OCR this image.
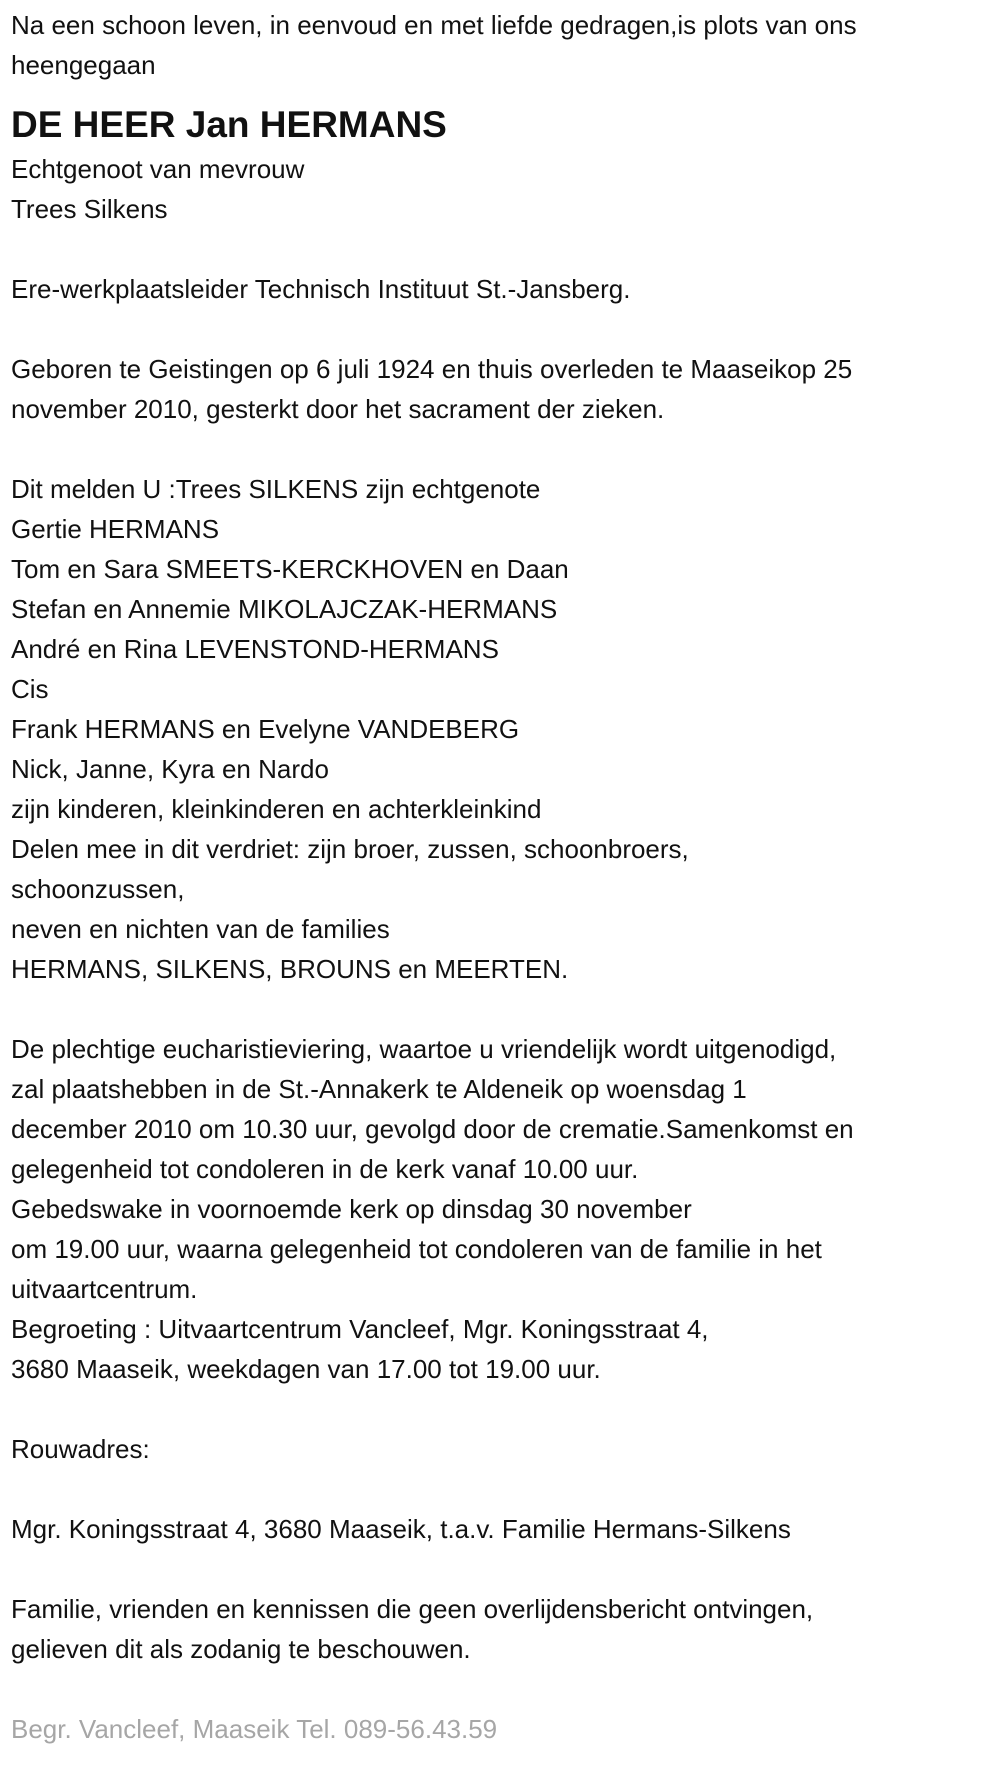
Na een schoon leven, in eenvoud en met liefde gedragen,is plots van ons
heengegaan
DE HEER Jan HERMANS
Echtgenoot van mevrouw
Trees Silkens
Ere-werkplaatsleider Technisch Instituut St.-Jansberg.
Geboren te Geistingen op 6 juli 1924 en thuis overleden te Maaseikop 25
november 2010, gesterkt door het sacrament der zieken.
Dit melden U :Trees SILKENS zijn echtgenote
Gertie HERMANS
Tom en Sara SMEETS-KERCKHOVEN en Daan
Stefan en Annemie MIKOLAJCZAK-HERMANS
André en Rina LEVENSTOND-HERMANS
Cis
Frank HERMANS en Evelyne VANDEBERG
Nick, Janne, Kyra en Nardo
zijn kinderen, kleinkinderen en achterkleinkind
Delen mee in dit verdriet: zijn broer, zussen, schoonbroers,
schoonzussen,
neven en nichten van de families
HERMANS, SILKENS, BROUNS en MEERTEN.
De plechtige eucharistieviering, waartoe u vriendelijk wordt uitgenodigd,
zal plaatshebben in de St.-Annakerk te Aldeneik op woensdag 1
december 2010 om 10.30 uur, gevolgd door de crematie.Samenkomst en
gelegenheid tot condoleren in de kerk vanaf 10.00 uur.
Gebedswake in voornoemde kerk op dinsdag 30 november
om 19.00 uur, waarna gelegenheid tot condoleren van de familie in het
uitvaartcentrum.
Begroeting : Uitvaartcentrum Vancleef, Mgr. Koningsstraat 4,
3680 Maaseik, weekdagen van 17.00 tot 19.00 uur.
Rouwadres:
Mgr. Koningsstraat 4, 3680 Maaseik, t.a.v. Familie Hermans-Silkens
Familie, vrienden en kennissen die geen overlijdensbericht ontvingen,
gelieven dit als zodanig te beschouwen.
Begr. Vancleef, Maaseik Tel. 089-56.43.59
